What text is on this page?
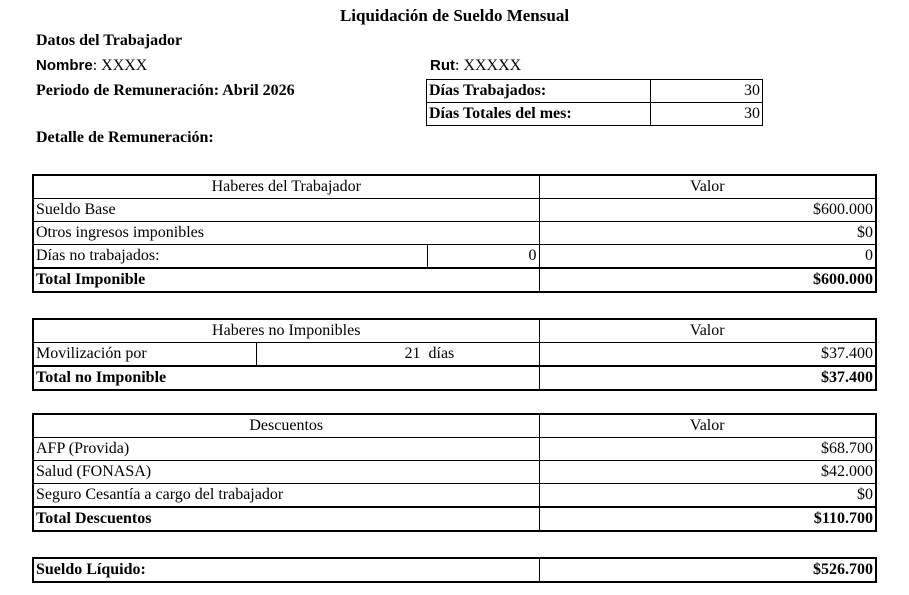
Liquidación de Sueldo Mensual
Datos del Trabajador
Nombre: XXXX	Rut: XXXXX
Periodo de Remuneración: Abril 2026	Días Trabajados:	30
Días Totales del mes:	30
Detalle de Remuneración:
Haberes del Trabajador		Valor
Sueldo Base		$600.000
Otros ingresos imponibles		$0
Días no trabajados:	0	0
Total Imponible		$600.000
Haberes no Imponibles		Valor
Movilización por	21 días	$37.400
Total no Imponible		$37.400
Descuentos	Valor
AFP (Provida)	$68.700
Salud (FONASA)	$42.000
Seguro Cesantía a cargo del trabajador	$0
Total Descuentos	$110.700
Sueldo Líquido:	$526.700
